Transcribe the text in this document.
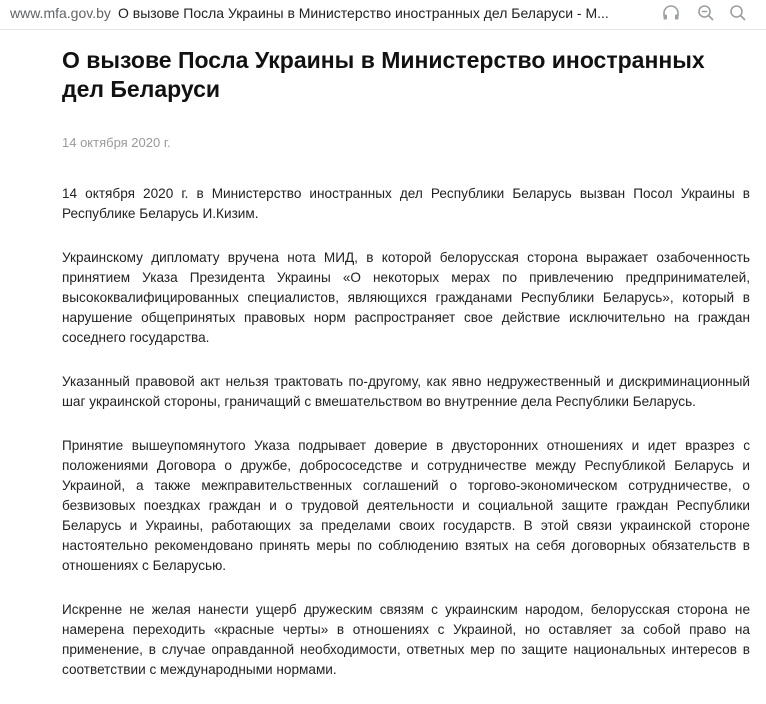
www.mfa.gov.by О вызове Посла Украины в Министерство иностранных дел Беларуси - М...
О вызове Посла Украины в Министерство иностранных дел Беларуси
14 октября 2020 г.

14 октября 2020 г. в Министерство иностранных дел Республики Беларусь вызван Посол Украины в Республике Беларусь И.Кизим.

Украинскому дипломату вручена нота МИД, в которой белорусская сторона выражает озабоченность принятием Указа Президента Украины «О некоторых мерах по привлечению предпринимателей, высококвалифицированных специалистов, являющихся гражданами Республики Беларусь», который в нарушение общепринятых правовых норм распространяет свое действие исключительно на граждан соседнего государства.

Указанный правовой акт нельзя трактовать по-другому, как явно недружественный и дискриминационный шаг украинской стороны, граничащий с вмешательством во внутренние дела Республики Беларусь.

Принятие вышеупомянутого Указа подрывает доверие в двусторонних отношениях и идет вразрез с положениями Договора о дружбе, добрососедстве и сотрудничестве между Республикой Беларусь и Украиной, а также межправительственных соглашений о торгово-экономическом сотрудничестве, о безвизовых поездках граждан и о трудовой деятельности и социальной защите граждан Республики Беларусь и Украины, работающих за пределами своих государств. В этой связи украинской стороне настоятельно рекомендовано принять меры по соблюдению взятых на себя договорных обязательств в отношениях с Беларусью.

Искренне не желая нанести ущерб дружеским связям с украинским народом, белорусская сторона не намерена переходить «красные черты» в отношениях с Украиной, но оставляет за собой право на применение, в случае оправданной необходимости, ответных мер по защите национальных интересов в соответствии с международными нормами.
